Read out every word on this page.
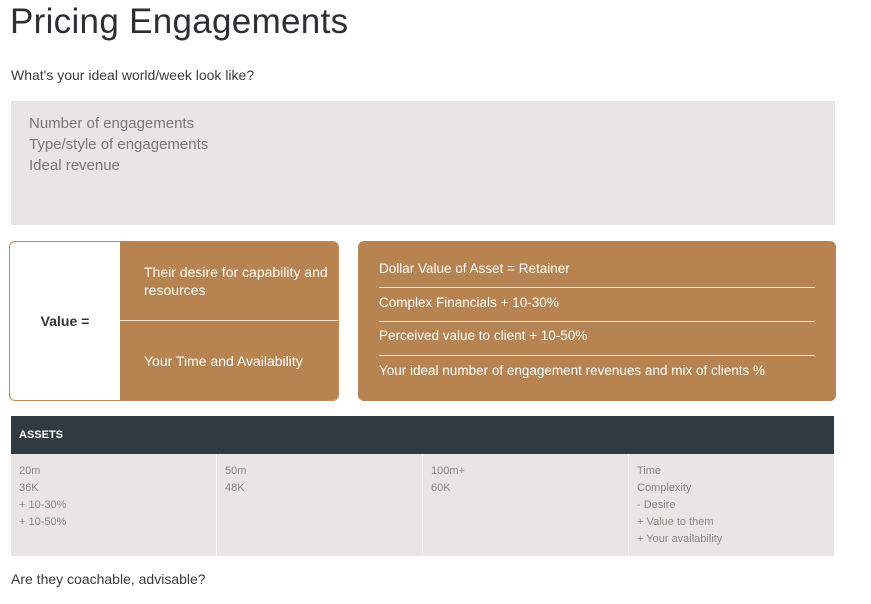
Pricing Engagements
What's your ideal world/week look like?
Number of engagements
Type/style of engagements
Ideal revenue
Value =
Their desire for capability and resources
Your Time and Availability
Dollar Value of Asset = Retainer
Complex Financials + 10-30%
Perceived value to client + 10-50%
Your ideal number of engagement revenues and mix of clients %
ASSETS
20m
36K
+ 10-30%
+ 10-50%
50m
48K
100m+
60K
Time
Complexity
- Desire
+ Value to them
+ Your availability
Are they coachable, advisable?
